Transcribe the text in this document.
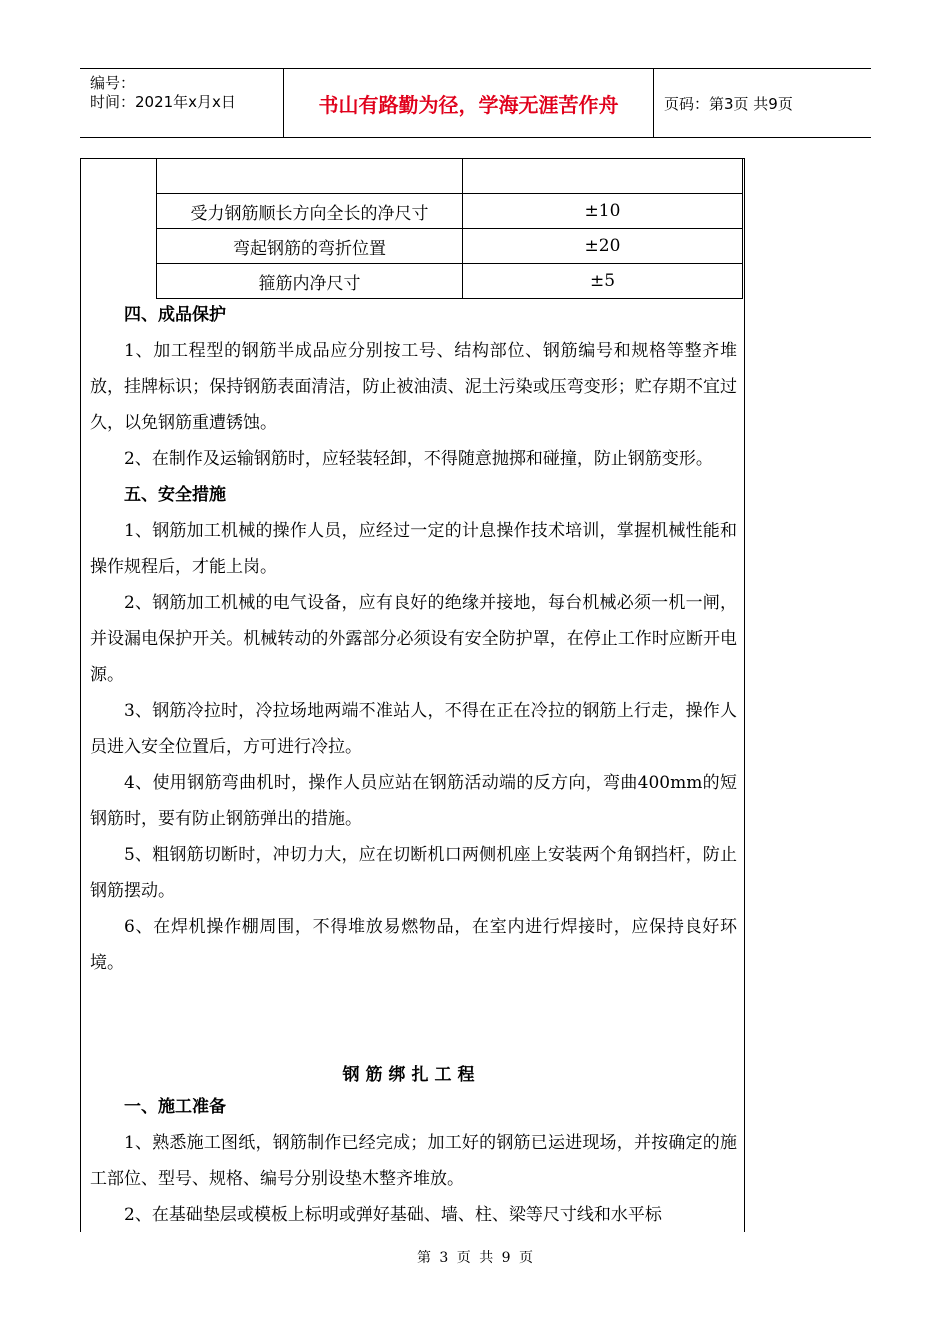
编号：
时间：2021年x月x日	书山有路勤为径，学海无涯苦作舟	页码：第3页 共9页

受力钢筋顺长方向全长的净尺寸	±10
弯起钢筋的弯折位置	±20
箍筋内净尺寸	±5

四、成品保护

1、加工程型的钢筋半成品应分别按工号、结构部位、钢筋编号和规格等整齐堆放，挂牌标识；保持钢筋表面清洁，防止被油渍、泥土污染或压弯变形；贮存期不宜过久，以免钢筋重遭锈蚀。

2、在制作及运输钢筋时，应轻装轻卸，不得随意抛掷和碰撞，防止钢筋变形。

五、安全措施

1、钢筋加工机械的操作人员，应经过一定的计息操作技术培训，掌握机械性能和操作规程后，才能上岗。

2、钢筋加工机械的电气设备，应有良好的绝缘并接地，每台机械必须一机一闸，并设漏电保护开关。机械转动的外露部分必须设有安全防护罩，在停止工作时应断开电源。

3、钢筋冷拉时，冷拉场地两端不准站人，不得在正在冷拉的钢筋上行走，操作人员进入安全位置后，方可进行冷拉。

4、使用钢筋弯曲机时，操作人员应站在钢筋活动端的反方向，弯曲400mm的短钢筋时，要有防止钢筋弹出的措施。

5、粗钢筋切断时，冲切力大，应在切断机口两侧机座上安装两个角钢挡杆，防止钢筋摆动。

6、在焊机操作棚周围，不得堆放易燃物品，在室内进行焊接时，应保持良好环境。

钢筋绑扎工程

一、施工准备

1、熟悉施工图纸，钢筋制作已经完成；加工好的钢筋已运进现场，并按确定的施工部位、型号、规格、编号分别设垫木整齐堆放。

2、在基础垫层或模板上标明或弹好基础、墙、柱、梁等尺寸线和水平标

第 3 页 共 9 页
